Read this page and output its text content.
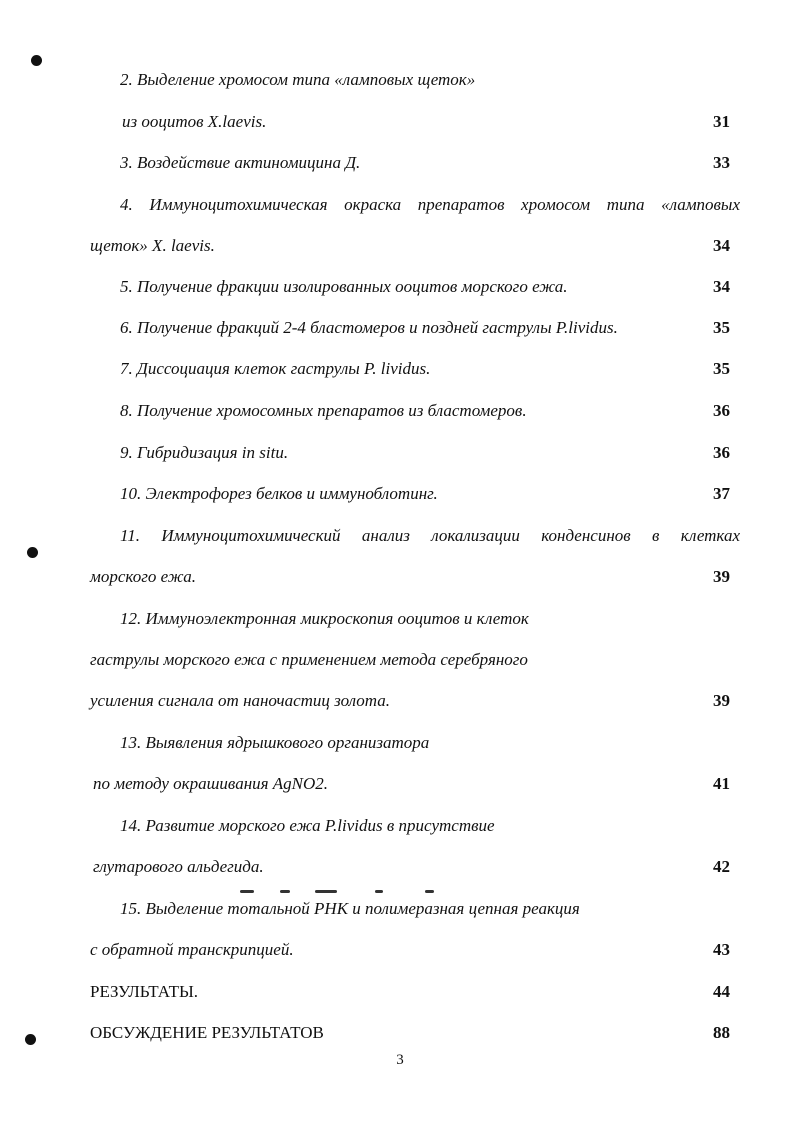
2. Выделение хромосом типа «ламповых щеток»
из ооцитов X.laevis.	31
3. Воздействие актиномицина Д.	33
4. Иммуноцитохимическая окраска препаратов хромосом типа «ламповых
щеток» X. laevis.	34
5. Получение фракции изолированных ооцитов морского ежа.	34
6. Получение фракций 2-4 бластомеров и поздней гаструлы P.lividus.	35
7. Диссоциация клеток гаструлы P. lividus.	35
8. Получение хромосомных препаратов из бластомеров.	36
9. Гибридизация in situ.	36
10. Электрофорез белков и иммуноблотинг.	37
11. Иммуноцитохимический анализ локализации конденсинов в клетках
морского ежа.	39
12. Иммуноэлектронная микроскопия ооцитов и клеток
гаструлы морского ежа с применением метода серебряного
усиления сигнала от наночастиц золота.	39
13. Выявления ядрышкового организатора
по методу окрашивания AgNO2.	41
14. Развитие морского ежа P.lividus в присутствие
глутарового альдегида.	42
15. Выделение тотальной РНК и полимеразная цепная реакция
с обратной транскрипцией.	43
РЕЗУЛЬТАТЫ.	44
ОБСУЖДЕНИЕ РЕЗУЛЬТАТОВ	88
3
